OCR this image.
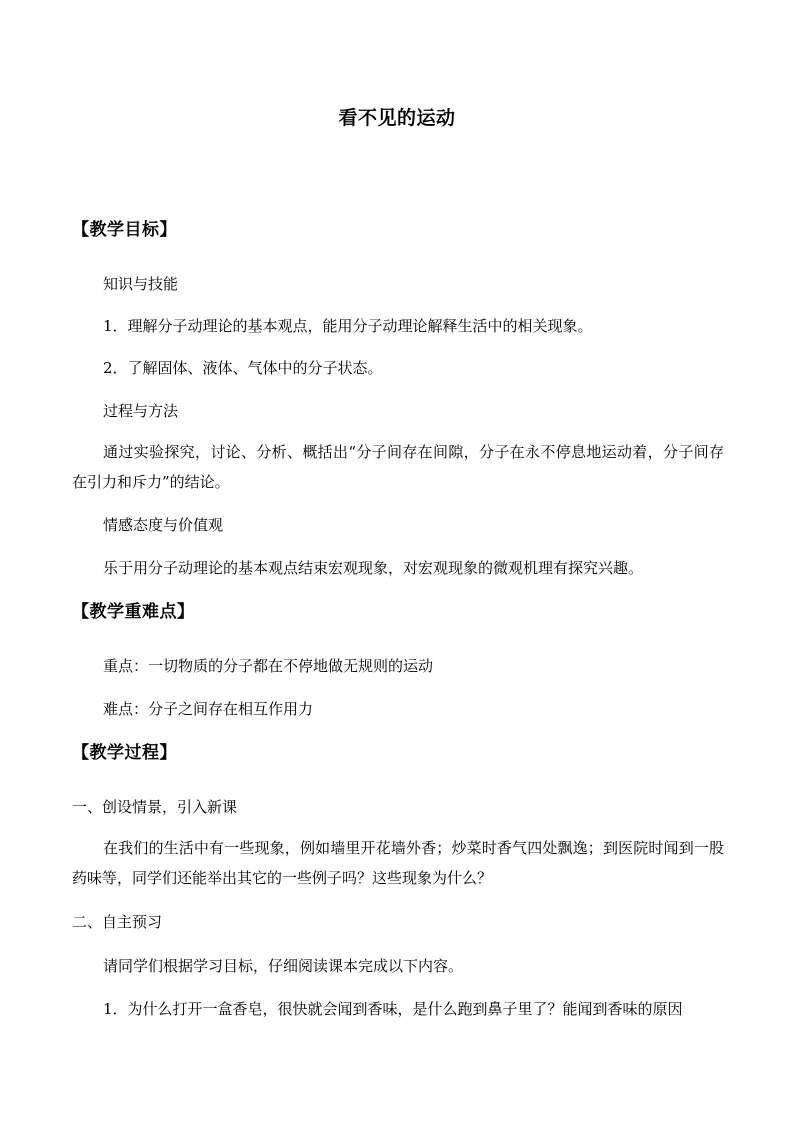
看不见的运动
【教学目标】
知识与技能
1．理解分子动理论的基本观点，能用分子动理论解释生活中的相关现象。
2．了解固体、液体、气体中的分子状态。
过程与方法
通过实验探究，讨论、分析、概括出“分子间存在间隙，分子在永不停息地运动着，分子间存在引力和斥力”的结论。
情感态度与价值观
乐于用分子动理论的基本观点结束宏观现象，对宏观现象的微观机理有探究兴趣。
【教学重难点】
重点：一切物质的分子都在不停地做无规则的运动
难点：分子之间存在相互作用力
【教学过程】
一、创设情景，引入新课
在我们的生活中有一些现象，例如墙里开花墙外香；炒菜时香气四处飘逸；到医院时闻到一股药味等，同学们还能举出其它的一些例子吗？这些现象为什么？
二、自主预习
请同学们根据学习目标，仔细阅读课本完成以下内容。
1．为什么打开一盒香皂，很快就会闻到香味，是什么跑到鼻子里了？能闻到香味的原因
